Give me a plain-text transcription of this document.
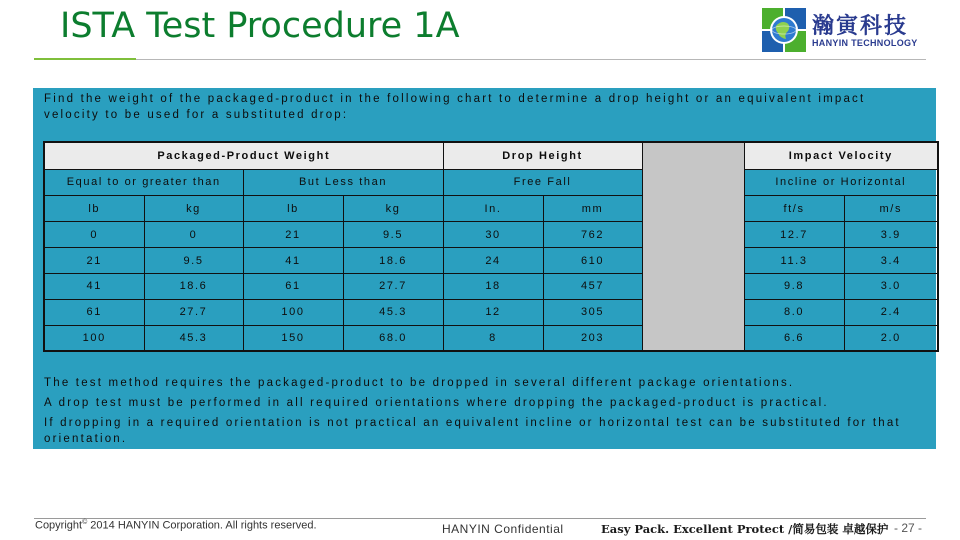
ISTA Test Procedure 1A	瀚寅科技
HANYIN TECHNOLOGY
Find the weight of the packaged-product in the following chart to determine a drop height or an equivalent impact velocity to be used for a substituted drop:
Packaged-Product Weight				Drop Height			Impact Velocity	
Equal to or greater than		But Less than		Free Fall			Incline or Horizontal	
lb	kg	lb	kg	In.	mm		ft/s	m/s
0	0	21	9.5	30	762		12.7	3.9
21	9.5	41	18.6	24	610		11.3	3.4
41	18.6	61	27.7	18	457		9.8	3.0
61	27.7	100	45.3	12	305		8.0	2.4
100	45.3	150	68.0	8	203		6.6	2.0

The test method requires the packaged-product to be dropped in several different package orientations.

A drop test must be performed in all required orientations where dropping the packaged-product is practical.

If dropping in a required orientation is not practical an equivalent incline or horizontal test can be substituted for that orientation.

Copyright© 2014 HANYIN Corporation. All rights reserved.	HANYIN Confidential	Easy Pack. Excellent Protect /简易包装 卓越保护 - 27 -
